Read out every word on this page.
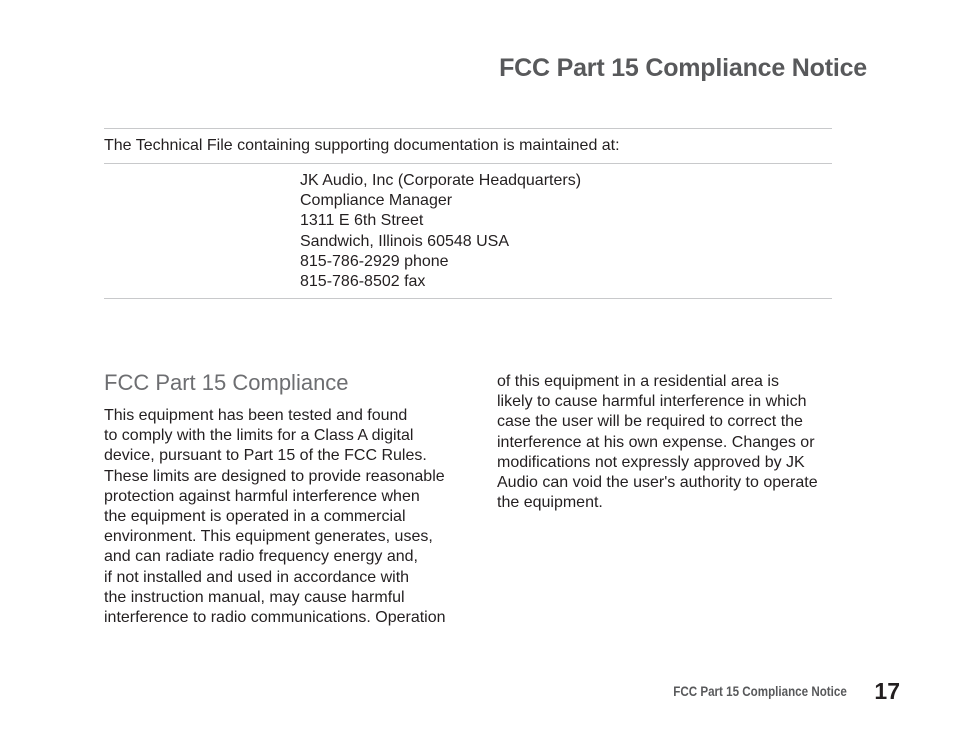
FCC Part 15 Compliance Notice

The Technical File containing supporting documentation is maintained at:

JK Audio, Inc (Corporate Headquarters)
Compliance Manager
1311 E 6th Street
Sandwich, Illinois 60548 USA
815-786-2929 phone
815-786-8502 fax
FCC Part 15 Compliance
This equipment has been tested and found
to comply with the limits for a Class A digital
device, pursuant to Part 15 of the FCC Rules.
These limits are designed to provide reasonable
protection against harmful interference when
the equipment is operated in a commercial
environment. This equipment generates, uses,
and can radiate radio frequency energy and,
if not installed and used in accordance with
the instruction manual, may cause harmful
interference to radio communications. Operation
of this equipment in a residential area is
likely to cause harmful interference in which
case the user will be required to correct the
interference at his own expense. Changes or
modifications not expressly approved by JK
Audio can void the user's authority to operate
the equipment.

FCC Part 15 Compliance Notice 17
